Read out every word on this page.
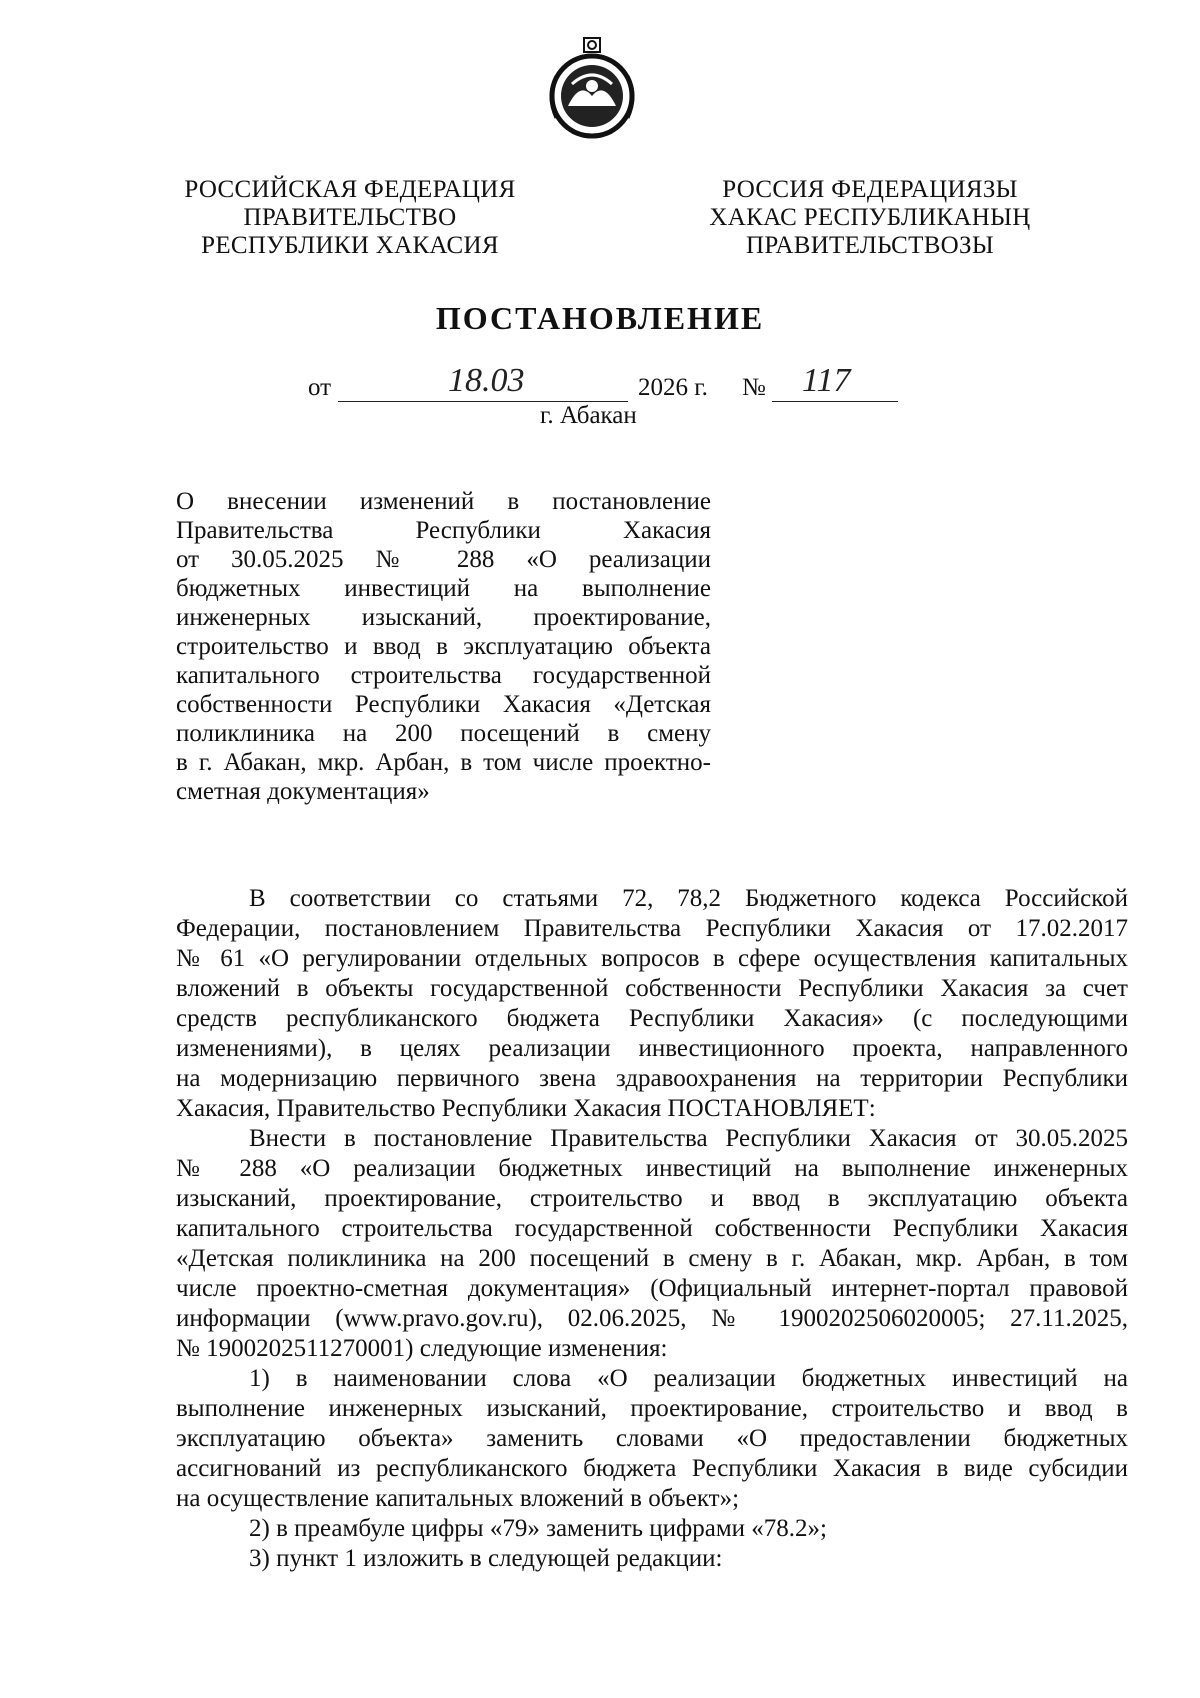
РОССИЙСКАЯ ФЕДЕРАЦИЯ
ПРАВИТЕЛЬСТВО
РЕСПУБЛИКИ ХАКАСИЯ
РОССИЯ ФЕДЕРАЦИЯЗЫ
ХАКАС РЕСПУБЛИКАНЫҢ
ПРАВИТЕЛЬСТВОЗЫ
ПОСТАНОВЛЕНИЕ
от	18.03	2026 г. № 117
г. Абакан
О внесении изменений в постановление
Правительства Республики Хакасия
от 30.05.2025 № 288 «О реализации
бюджетных инвестиций на выполнение
инженерных изысканий, проектирование,
строительство и ввод в эксплуатацию объекта
капитального строительства государственной
собственности Республики Хакасия «Детская
поликлиника на 200 посещений в смену
в г. Абакан, мкр. Арбан, в том числе проектно-
сметная документация»
В соответствии со статьями 72, 78,2 Бюджетного кодекса Российской
Федерации, постановлением Правительства Республики Хакасия от 17.02.2017
№ 61 «О регулировании отдельных вопросов в сфере осуществления капитальных
вложений в объекты государственной собственности Республики Хакасия за счет
средств республиканского бюджета Республики Хакасия» (с последующими
изменениями), в целях реализации инвестиционного проекта, направленного
на модернизацию первичного звена здравоохранения на территории Республики
Хакасия, Правительство Республики Хакасия ПОСТАНОВЛЯЕТ:
Внести в постановление Правительства Республики Хакасия от 30.05.2025
№ 288 «О реализации бюджетных инвестиций на выполнение инженерных
изысканий, проектирование, строительство и ввод в эксплуатацию объекта
капитального строительства государственной собственности Республики Хакасия
«Детская поликлиника на 200 посещений в смену в г. Абакан, мкр. Арбан, в том
числе проектно-сметная документация» (Официальный интернет-портал правовой
информации (www.pravo.gov.ru), 02.06.2025, № 1900202506020005; 27.11.2025,
№ 1900202511270001) следующие изменения:
1) в наименовании слова «О реализации бюджетных инвестиций на
выполнение инженерных изысканий, проектирование, строительство и ввод в
эксплуатацию объекта» заменить словами «О предоставлении бюджетных
ассигнований из республиканского бюджета Республики Хакасия в виде субсидии
на осуществление капитальных вложений в объект»;
2) в преамбуле цифры «79» заменить цифрами «78.2»;
3) пункт 1 изложить в следующей редакции:
